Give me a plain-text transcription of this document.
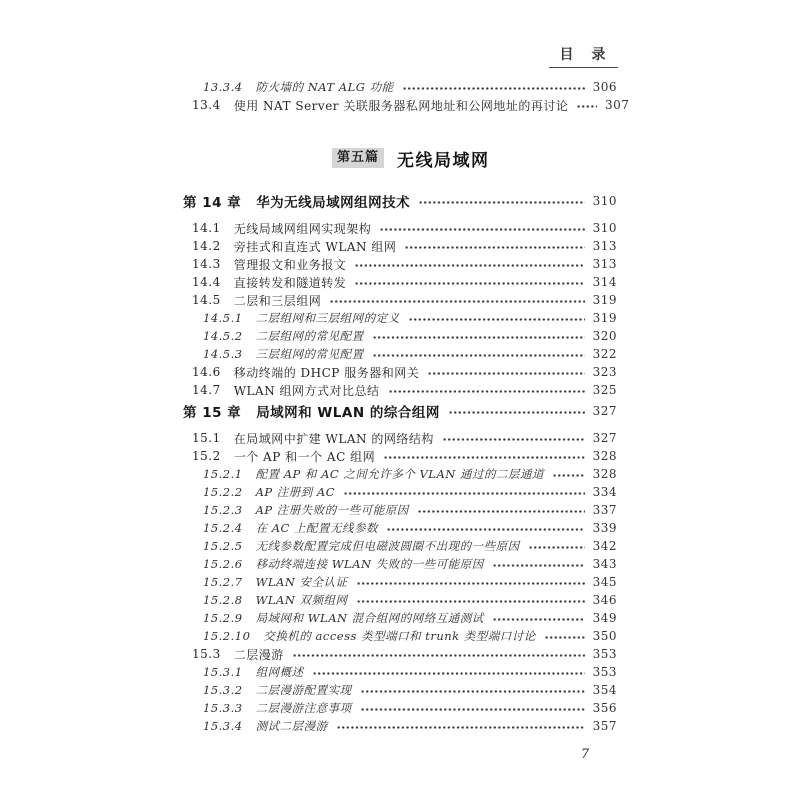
目　录
13.3.4 防火墙的 NAT ALG 功能	306
13.4 使用 NAT Server 关联服务器私网地址和公网地址的再讨论	307
第五篇 无线局域网
第 14 章 华为无线局域网组网技术	310
14.1 无线局域网组网实现架构	310
14.2 旁挂式和直连式 WLAN 组网	313
14.3 管理报文和业务报文	313
14.4 直接转发和隧道转发	314
14.5 二层和三层组网	319
14.5.1 二层组网和三层组网的定义	319
14.5.2 二层组网的常见配置	320
14.5.3 三层组网的常见配置	322
14.6 移动终端的 DHCP 服务器和网关	323
14.7 WLAN 组网方式对比总结	325
第 15 章 局域网和 WLAN 的综合组网	327
15.1 在局域网中扩建 WLAN 的网络结构	327
15.2 一个 AP 和一个 AC 组网	328
15.2.1 配置 AP 和 AC 之间允许多个 VLAN 通过的二层通道	328
15.2.2 AP 注册到 AC	334
15.2.3 AP 注册失败的一些可能原因	337
15.2.4 在 AC 上配置无线参数	339
15.2.5 无线参数配置完成但电磁波圆圈不出现的一些原因	342
15.2.6 移动终端连接 WLAN 失败的一些可能原因	343
15.2.7 WLAN 安全认证	345
15.2.8 WLAN 双频组网	346
15.2.9 局域网和 WLAN 混合组网的网络互通测试	349
15.2.10 交换机的 access 类型端口和 trunk 类型端口讨论	350
15.3 二层漫游	353
15.3.1 组网概述	353
15.3.2 二层漫游配置实现	354
15.3.3 二层漫游注意事项	356
15.3.4 测试二层漫游	357
7
